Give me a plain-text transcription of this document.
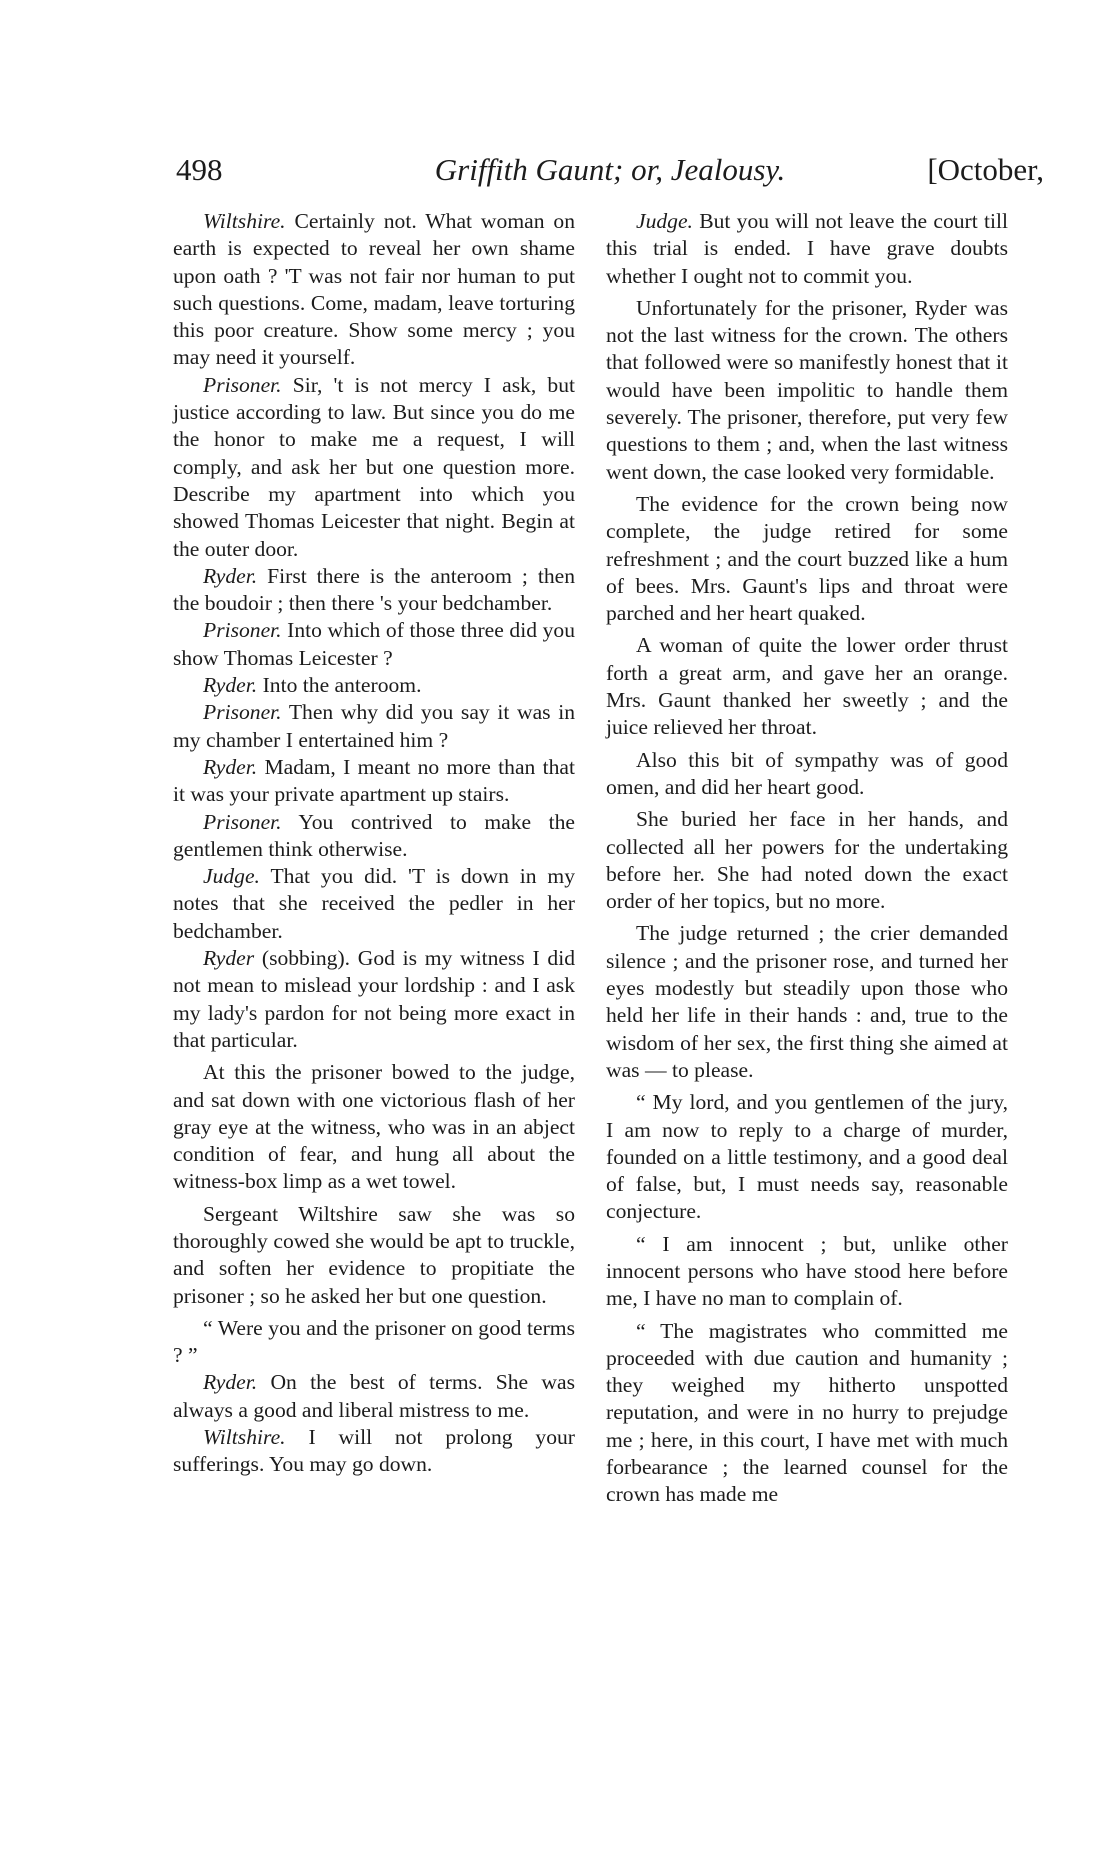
498	Griffith Gaunt; or, Jealousy.	[October,

Wiltshire. Certainly not. What woman on earth is expected to reveal her own shame upon oath ? 'T was not fair nor human to put such questions. Come, madam, leave torturing this poor creature. Show some mercy ; you may need it yourself.

Prisoner. Sir, 't is not mercy I ask, but justice according to law. But since you do me the honor to make me a request, I will comply, and ask her but one question more. Describe my apartment into which you showed Thomas Leicester that night. Begin at the outer door.

Ryder. First there is the anteroom ; then the boudoir ; then there 's your bedchamber.

Prisoner. Into which of those three did you show Thomas Leicester ?

Ryder. Into the anteroom.

Prisoner. Then why did you say it was in my chamber I entertained him ?

Ryder. Madam, I meant no more than that it was your private apartment up stairs.

Prisoner. You contrived to make the gentlemen think otherwise.

Judge. That you did. 'T is down in my notes that she received the pedler in her bedchamber.

Ryder (sobbing). God is my witness I did not mean to mislead your lordship : and I ask my lady's pardon for not being more exact in that particular.

At this the prisoner bowed to the judge, and sat down with one victorious flash of her gray eye at the witness, who was in an abject condition of fear, and hung all about the witness-box limp as a wet towel.

Sergeant Wiltshire saw she was so thoroughly cowed she would be apt to truckle, and soften her evidence to propitiate the prisoner ; so he asked her but one question.

“ Were you and the prisoner on good terms ? ”

Ryder. On the best of terms. She was always a good and liberal mistress to me.

Wiltshire. I will not prolong your sufferings. You may go down.

Judge. But you will not leave the court till this trial is ended. I have grave doubts whether I ought not to commit you.

Unfortunately for the prisoner, Ryder was not the last witness for the crown. The others that followed were so manifestly honest that it would have been impolitic to handle them severely. The prisoner, therefore, put very few questions to them ; and, when the last witness went down, the case looked very formidable.

The evidence for the crown being now complete, the judge retired for some refreshment ; and the court buzzed like a hum of bees. Mrs. Gaunt's lips and throat were parched and her heart quaked.

A woman of quite the lower order thrust forth a great arm, and gave her an orange. Mrs. Gaunt thanked her sweetly ; and the juice relieved her throat.

Also this bit of sympathy was of good omen, and did her heart good.

She buried her face in her hands, and collected all her powers for the undertaking before her. She had noted down the exact order of her topics, but no more.

The judge returned ; the crier demanded silence ; and the prisoner rose, and turned her eyes modestly but steadily upon those who held her life in their hands : and, true to the wisdom of her sex, the first thing she aimed at was — to please.

“ My lord, and you gentlemen of the jury, I am now to reply to a charge of murder, founded on a little testimony, and a good deal of false, but, I must needs say, reasonable conjecture.

“ I am innocent ; but, unlike other innocent persons who have stood here before me, I have no man to complain of.

“ The magistrates who committed me proceeded with due caution and humanity ; they weighed my hitherto unspotted reputation, and were in no hurry to prejudge me ; here, in this court, I have met with much forbearance ; the learned counsel for the crown has made me
